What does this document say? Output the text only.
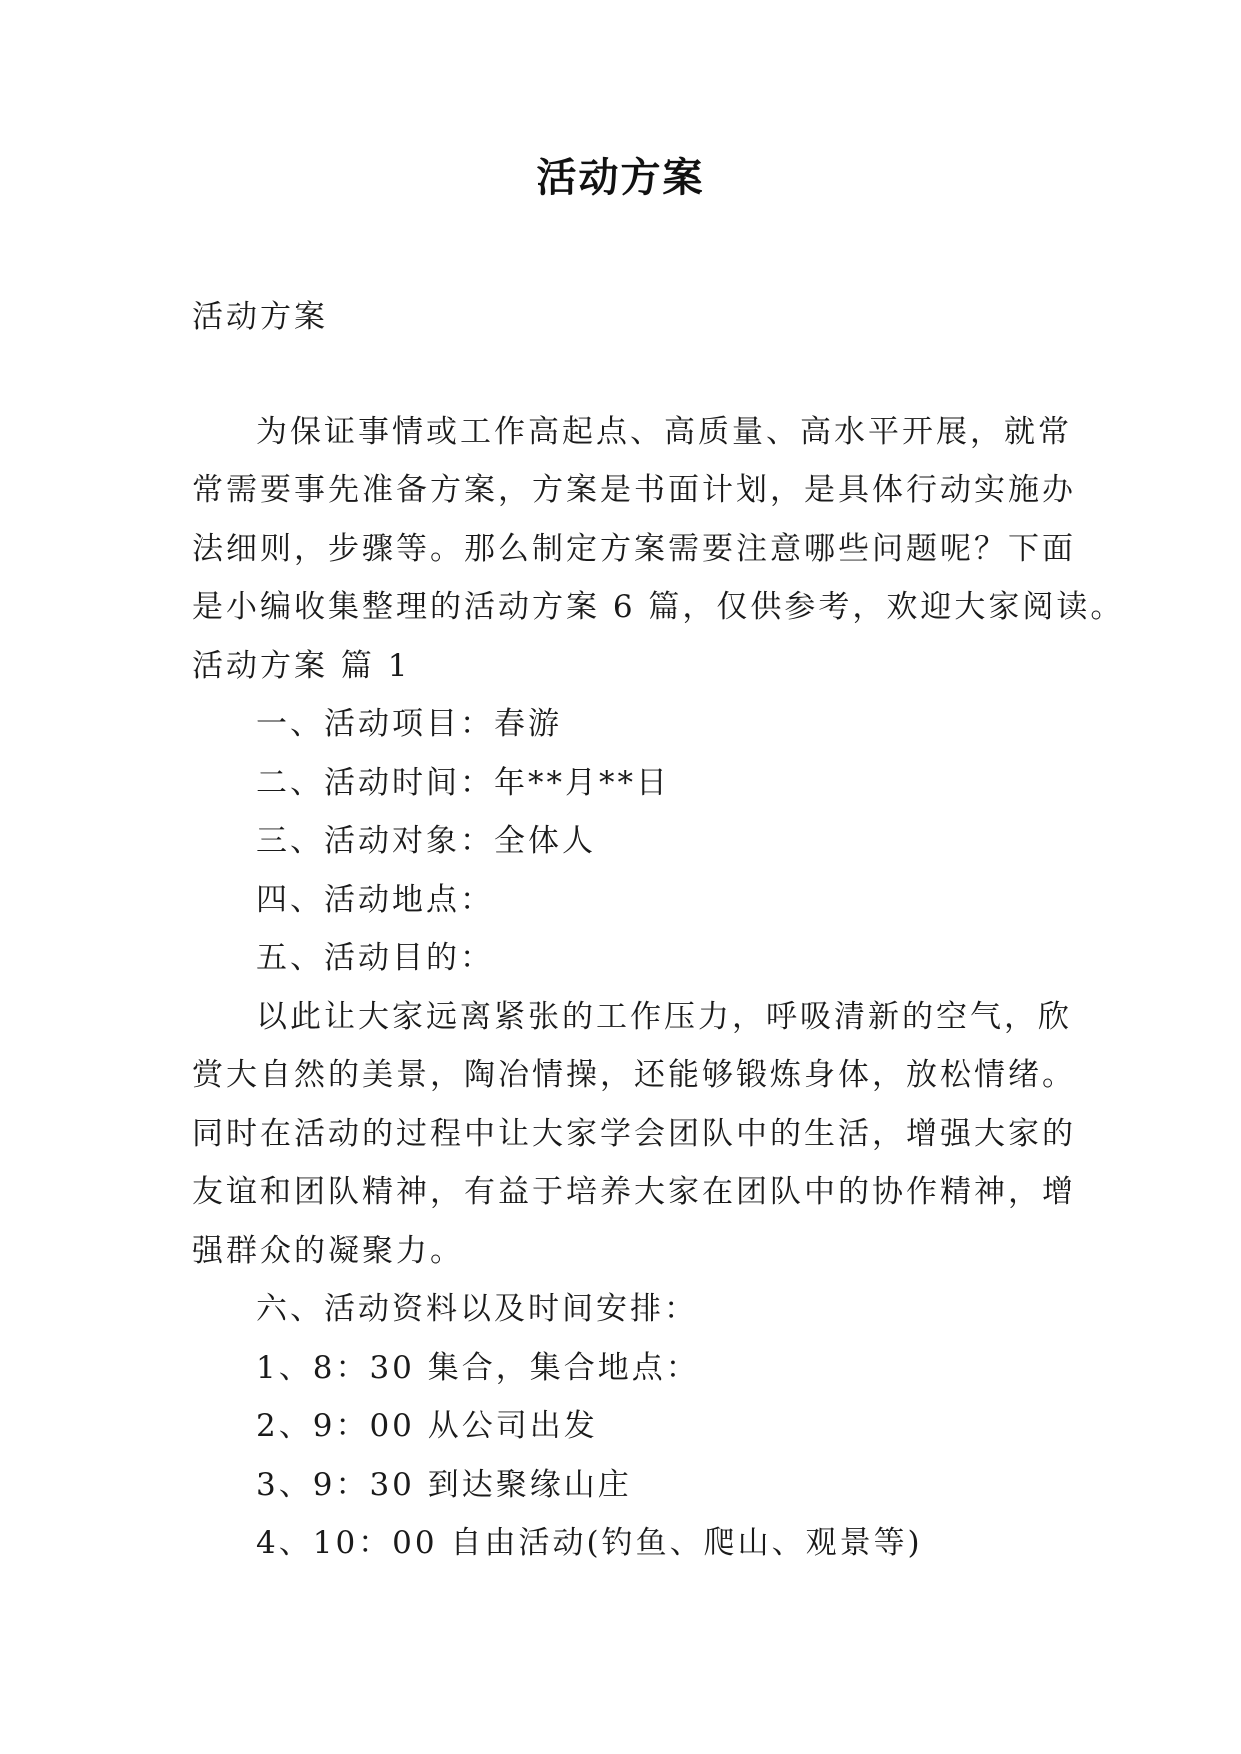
活动方案

活动方案

为保证事情或工作高起点、高质量、高水平开展，就常

常需要事先准备方案，方案是书面计划，是具体行动实施办

法细则，步骤等。那么制定方案需要注意哪些问题呢？下面

是小编收集整理的活动方案 6 篇，仅供参考，欢迎大家阅读。

活动方案 篇 1

一、活动项目：春游

二、活动时间：年**月**日

三、活动对象：全体人

四、活动地点：

五、活动目的：

以此让大家远离紧张的工作压力，呼吸清新的空气，欣

赏大自然的美景，陶冶情操，还能够锻炼身体，放松情绪。

同时在活动的过程中让大家学会团队中的生活，增强大家的

友谊和团队精神，有益于培养大家在团队中的协作精神，增

强群众的凝聚力。

六、活动资料以及时间安排：

1、8：30 集合，集合地点：

2、9：00 从公司出发

3、9：30 到达聚缘山庄

4、10：00 自由活动(钓鱼、爬山、观景等)
